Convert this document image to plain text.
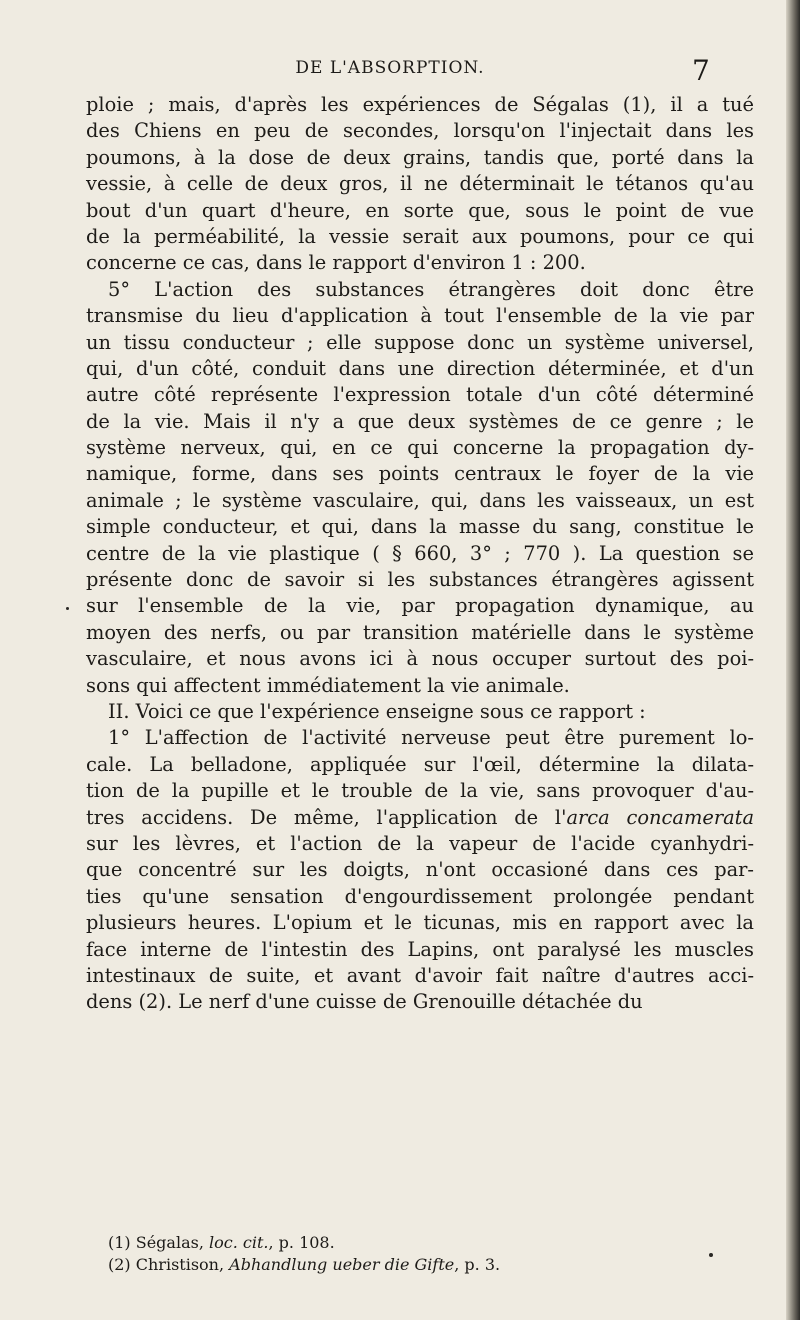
DE L'ABSORPTION.	7
ploie ; mais, d'après les expériences de Ségalas (1), il a tué
des Chiens en peu de secondes, lorsqu'on l'injectait dans les
poumons, à la dose de deux grains, tandis que, porté dans la
vessie, à celle de deux gros, il ne déterminait le tétanos qu'au
bout d'un quart d'heure, en sorte que, sous le point de vue
de la perméabilité, la vessie serait aux poumons, pour ce qui
concerne ce cas, dans le rapport d'environ 1 : 200.
5° L'action des substances étrangères doit donc être
transmise du lieu d'application à tout l'ensemble de la vie par
un tissu conducteur ; elle suppose donc un système universel,
qui, d'un côté, conduit dans une direction déterminée, et d'un
autre côté représente l'expression totale d'un côté déterminé
de la vie. Mais il n'y a que deux systèmes de ce genre ; le
système nerveux, qui, en ce qui concerne la propagation dy-
namique, forme, dans ses points centraux le foyer de la vie
animale ; le système vasculaire, qui, dans les vaisseaux, un est
simple conducteur, et qui, dans la masse du sang, constitue le
centre de la vie plastique ( § 660, 3° ; 770 ). La question se
présente donc de savoir si les substances étrangères agissent
sur l'ensemble de la vie, par propagation dynamique, au
moyen des nerfs, ou par transition matérielle dans le système
vasculaire, et nous avons ici à nous occuper surtout des poi-
sons qui affectent immédiatement la vie animale.
II. Voici ce que l'expérience enseigne sous ce rapport :
1° L'affection de l'activité nerveuse peut être purement lo-
cale. La belladone, appliquée sur l'œil, détermine la dilata-
tion de la pupille et le trouble de la vie, sans provoquer d'au-
tres accidens. De même, l'application de l'arca concamerata
sur les lèvres, et l'action de la vapeur de l'acide cyanhydri-
que concentré sur les doigts, n'ont occasioné dans ces par-
ties qu'une sensation d'engourdissement prolongée pendant
plusieurs heures. L'opium et le ticunas, mis en rapport avec la
face interne de l'intestin des Lapins, ont paralysé les muscles
intestinaux de suite, et avant d'avoir fait naître d'autres acci-
dens (2). Le nerf d'une cuisse de Grenouille détachée du
(1) Ségalas, loc. cit., p. 108.
(2) Christison, Abhandlung ueber die Gifte, p. 3.
